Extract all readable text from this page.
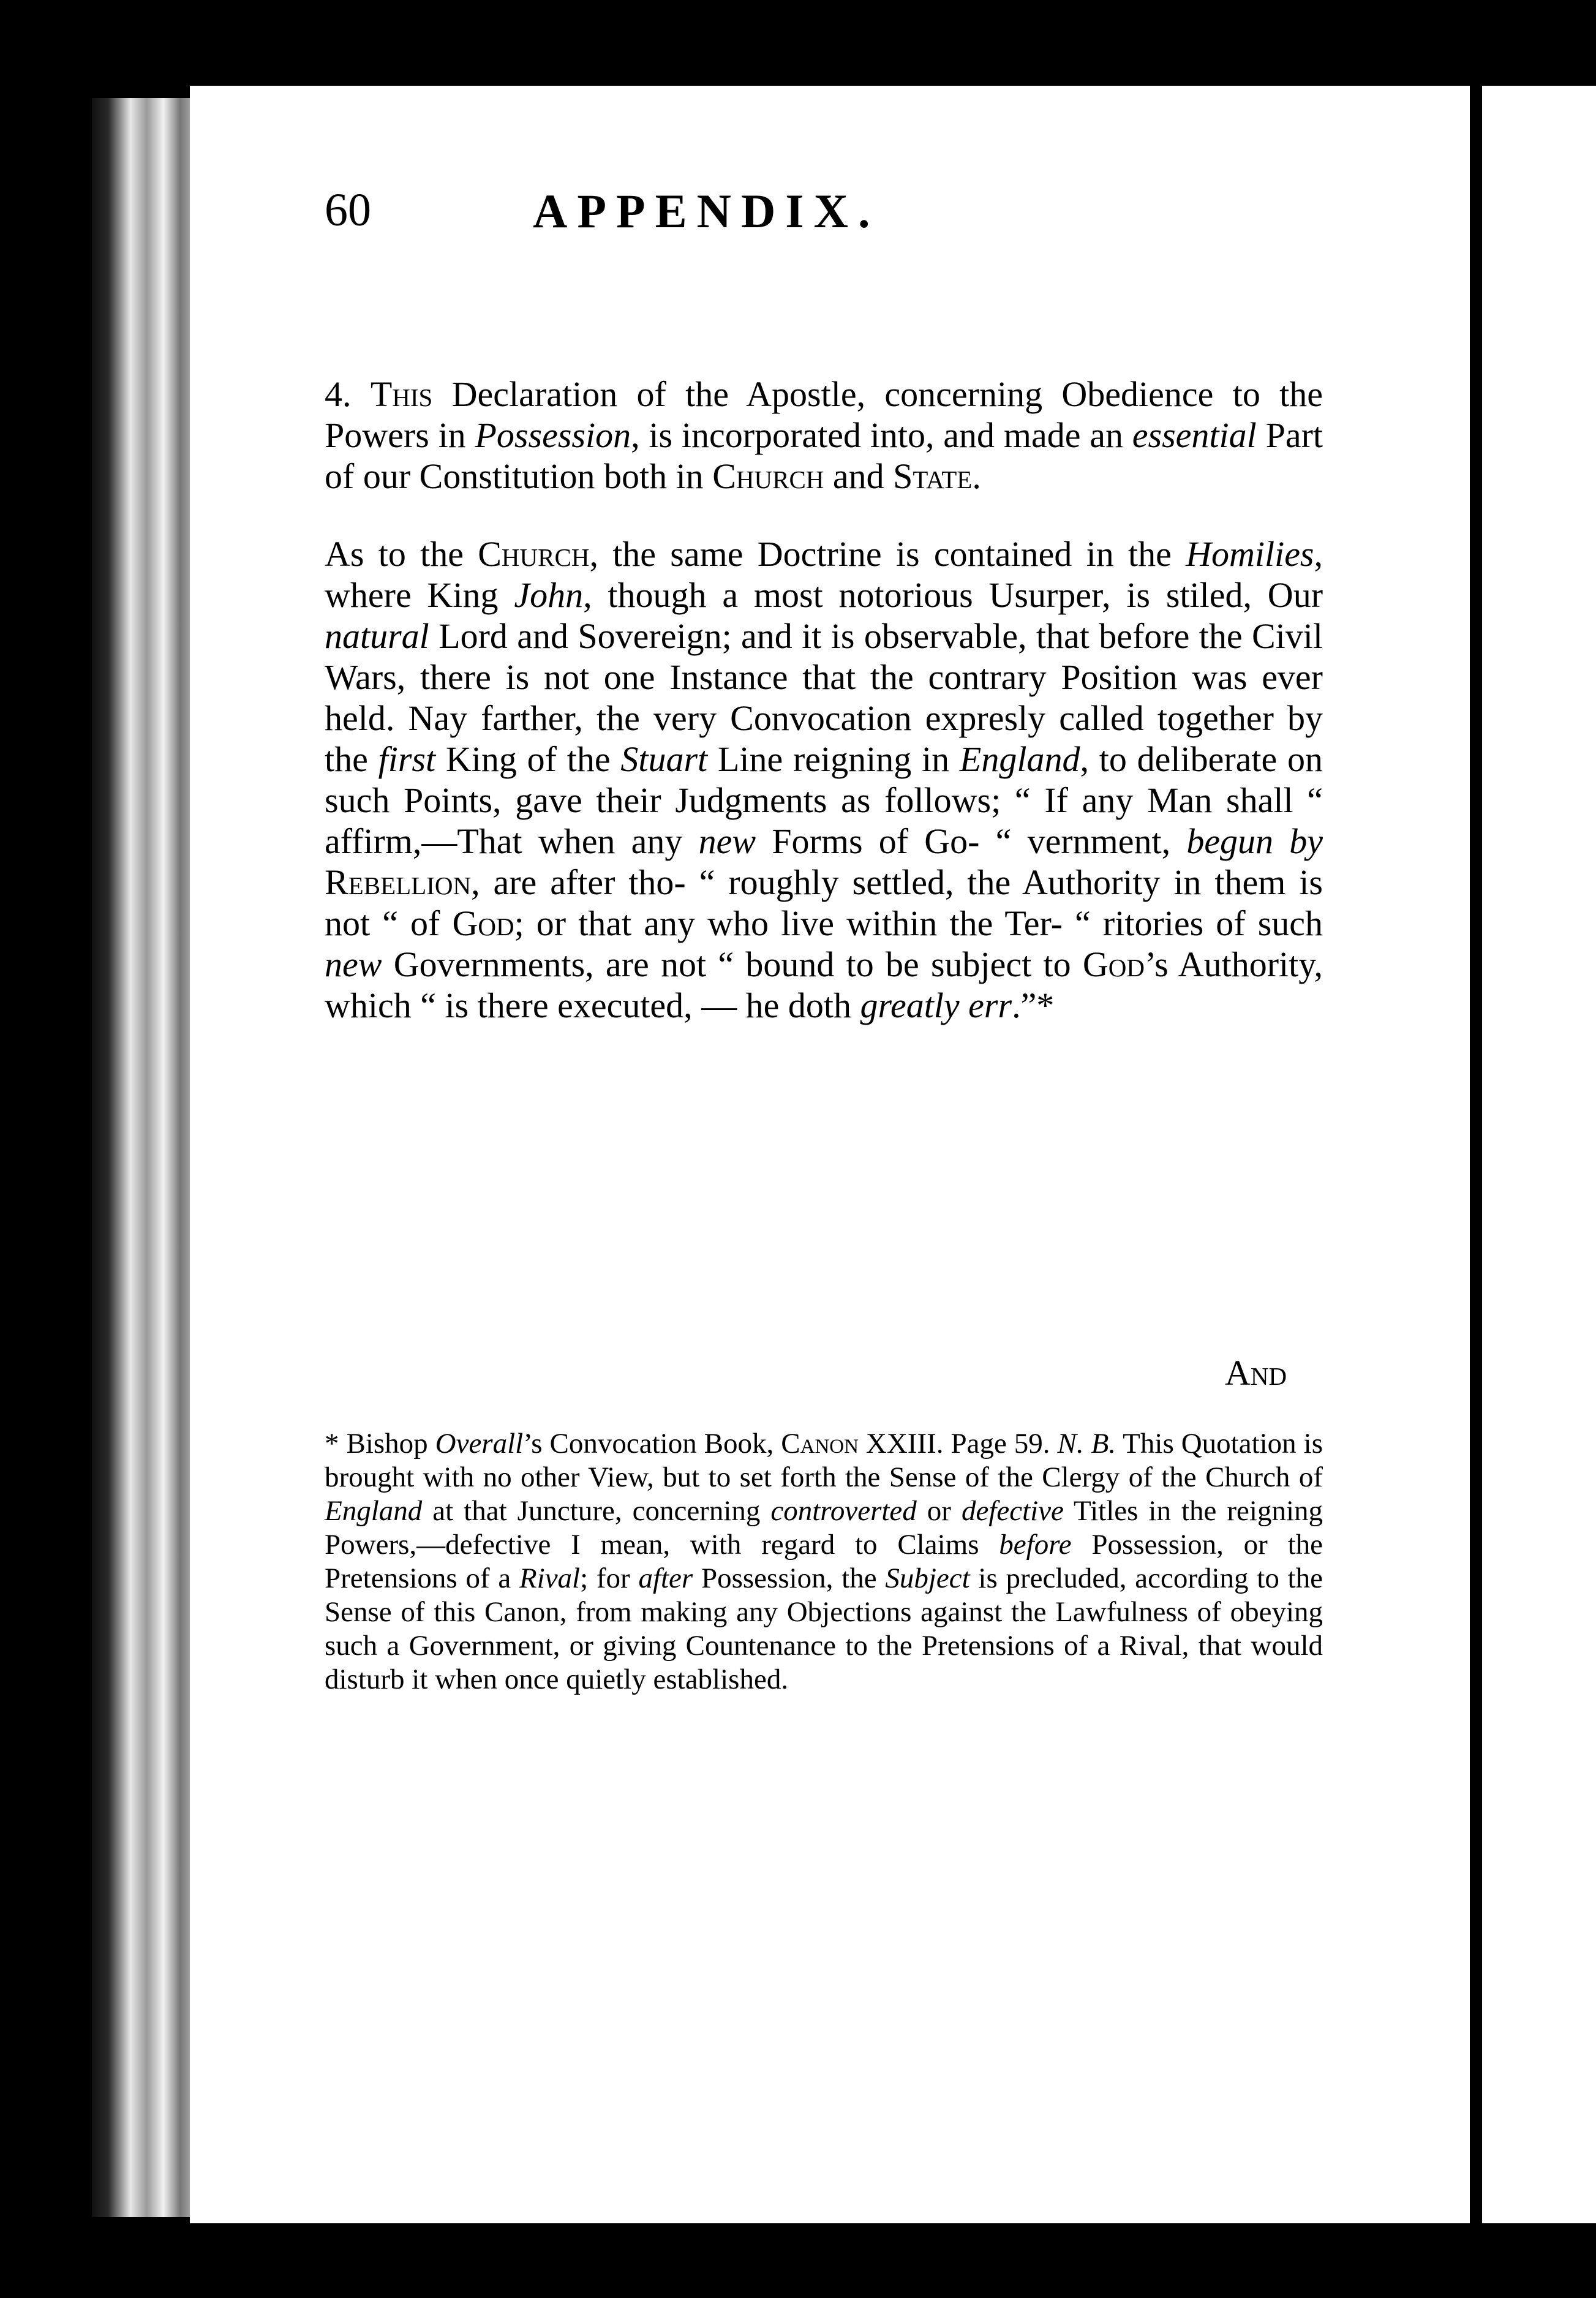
60	APPENDIX.

4. This Declaration of the Apostle, concerning Obedience to the Powers in Possession, is incorporated into, and made an essential Part of our Constitution both in Church and State.

As to the Church, the same Doctrine is contained in the Homilies, where King John, though a most notorious Usurper, is stiled, Our natural Lord and Sovereign; and it is observable, that before the Civil Wars, there is not one Instance that the contrary Position was ever held. Nay farther, the very Convocation expresly called together by the first King of the Stuart Line reigning in England, to deliberate on such Points, gave their Judgments as follows; “ If any Man shall “ affirm,—That when any new Forms of Go- “ vernment, begun by Rebellion, are after tho- “ roughly settled, the Authority in them is not “ of God; or that any who live within the Ter- “ ritories of such new Governments, are not “ bound to be subject to God’s Authority, which “ is there executed, — he doth greatly err.”*

And

* Bishop Overall’s Convocation Book, Canon XXIII. Page 59. N. B. This Quotation is brought with no other View, but to set forth the Sense of the Clergy of the Church of England at that Juncture, concerning controverted or defective Titles in the reigning Powers,—defective I mean, with regard to Claims before Possession, or the Pretensions of a Rival; for after Possession, the Subject is precluded, according to the Sense of this Canon, from making any Objections against the Lawfulness of obeying such a Government, or giving Countenance to the Pretensions of a Rival, that would disturb it when once quietly established.
